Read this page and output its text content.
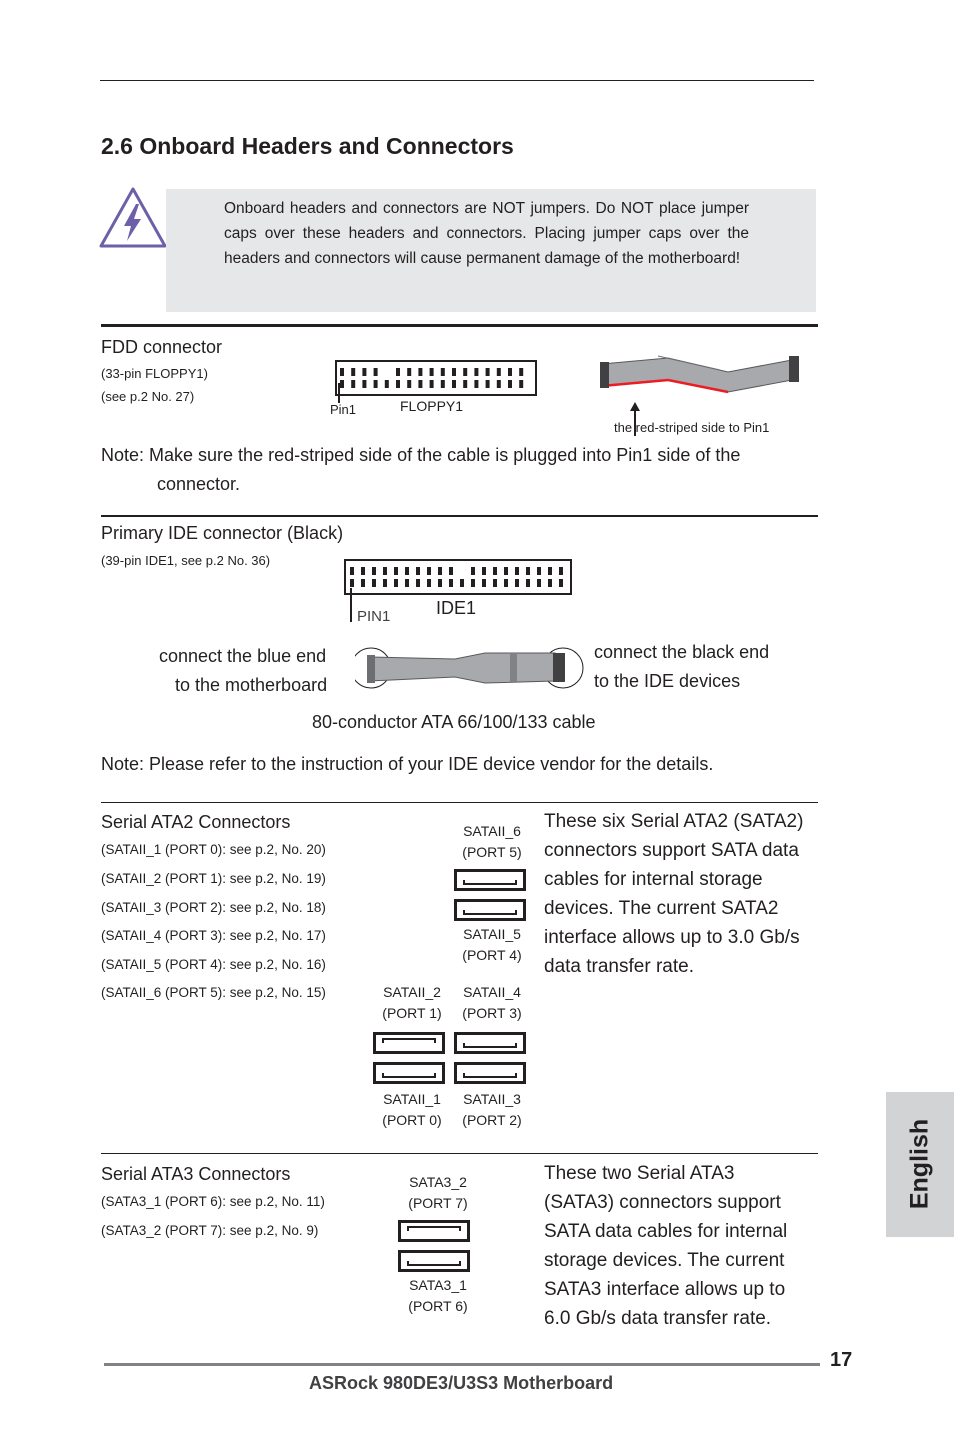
2.6 Onboard Headers and Connectors
Onboard headers and connectors are NOT jumpers. Do NOT place jumper caps over these headers and connectors. Placing jumper caps over the headers and connectors will cause permanent damage of the motherboard!
FDD connector
(33-pin FLOPPY1)
(see p.2 No. 27)
Pin1	FLOPPY1
the red-striped side to Pin1
Note: Make sure the red-striped side of the cable is plugged into Pin1 side of the
connector.
Primary IDE connector (Black)
(39-pin IDE1, see p.2 No. 36)
PIN1	IDE1
connect the blue end
to the motherboard
connect the black end
to the IDE devices
80-conductor ATA 66/100/133 cable
Note: Please refer to the instruction of your IDE device vendor for the details.
Serial ATA2 Connectors
(SATAII_1 (PORT 0): see p.2, No. 20)
(SATAII_2 (PORT 1): see p.2, No. 19)
(SATAII_3 (PORT 2): see p.2, No. 18)
(SATAII_4 (PORT 3): see p.2, No. 17)
(SATAII_5 (PORT 4): see p.2, No. 16)
(SATAII_6 (PORT 5): see p.2, No. 15)
SATAII_6
(PORT 5)
SATAII_5
(PORT 4)
SATAII_2
(PORT 1)
SATAII_4
(PORT 3)
SATAII_1
(PORT 0)
SATAII_3
(PORT 2)
These six Serial ATA2 (SATA2)
connectors support SATA data
cables for internal storage
devices. The current SATA2
interface allows up to 3.0 Gb/s
data transfer rate.
Serial ATA3 Connectors
(SATA3_1 (PORT 6): see p.2, No. 11)
(SATA3_2 (PORT 7): see p.2, No. 9)
SATA3_2
(PORT 7)
SATA3_1
(PORT 6)
These two Serial ATA3
(SATA3) connectors support
SATA data cables for internal
storage devices. The current
SATA3 interface allows up to
6.0 Gb/s data transfer rate.
English
17
ASRock 980DE3/U3S3 Motherboard
